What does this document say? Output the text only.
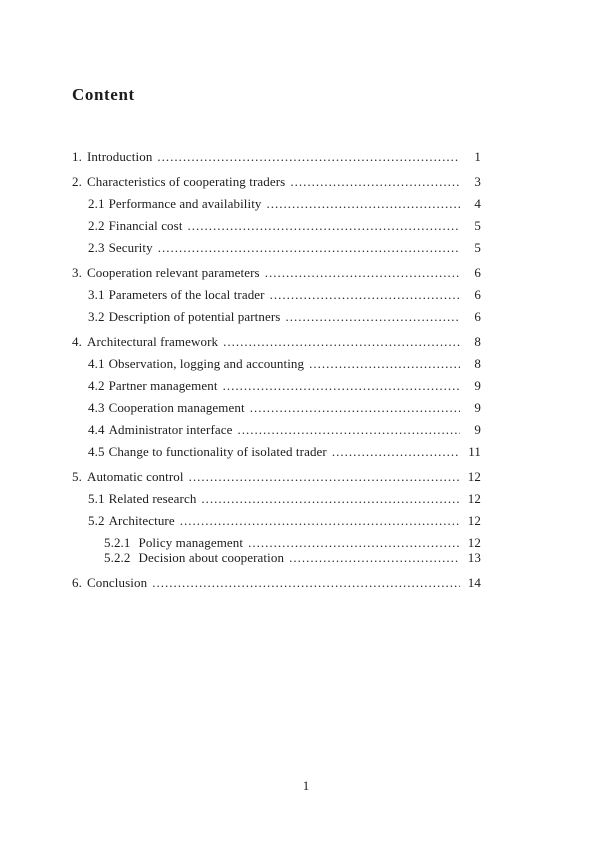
Content
1. Introduction .....	1
2. Characteristics of cooperating traders .....	3
2.1 Performance and availability .....	4
2.2 Financial cost .....	5
2.3 Security .....	5
3. Cooperation relevant parameters .....	6
3.1 Parameters of the local trader .....	6
3.2 Description of potential partners .....	6
4. Architectural framework .....	8
4.1 Observation, logging and accounting .....	8
4.2 Partner management .....	9
4.3 Cooperation management .....	9
4.4 Administrator interface .....	9
4.5 Change to functionality of isolated trader .....	11
5. Automatic control .....	12
5.1 Related research .....	12
5.2 Architecture .....	12
5.2.1 Policy management .....	12
5.2.2 Decision about cooperation .....	13
6. Conclusion .....	14
1
